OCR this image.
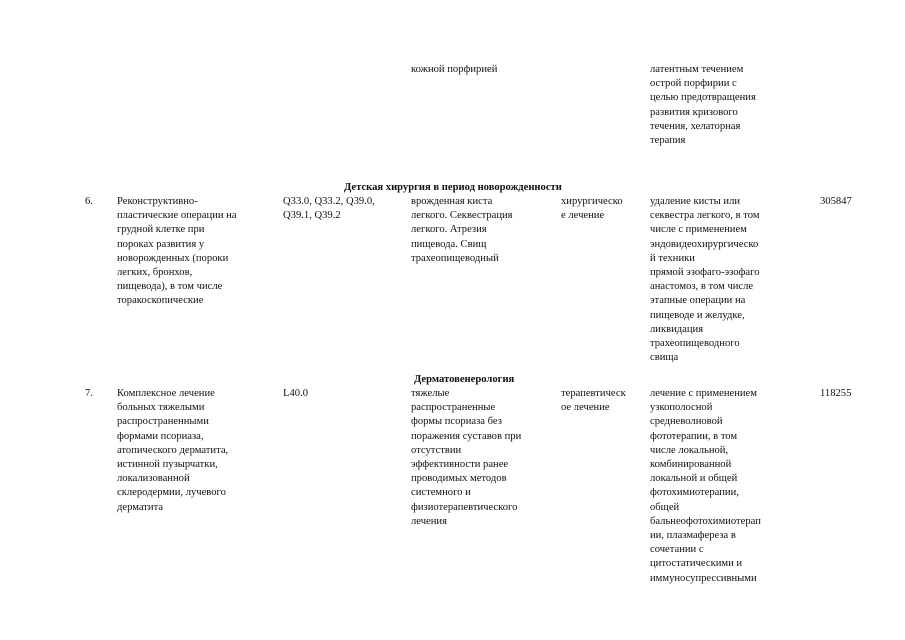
кожной порфирией	латентным течением
острой порфирии с
целью предотвращения
развития кризового
течения, хелаторная
терапия
Детская хирургия в период новорожденности
6. Реконструктивно-
пластические операции на
грудной клетке при
пороках развития у
новорожденных (пороки
легких, бронхов,
пищевода), в том числе
торакоскопические
Q33.0, Q33.2, Q39.0,
Q39.1, Q39.2
врожденная киста
легкого. Секвестрация
легкого. Атрезия
пищевода. Свищ
трахеопищеводный
хирургическо
е лечение
удаление кисты или
секвестра легкого, в том
числе с применением
эндовидеохирургическо
й техники
прямой эзофаго-эзофаго
анастомоз, в том числе
этапные операции на
пищеводе и желудке,
ликвидация
трахеопищеводного
свища
305847
Дерматовенерология
7. Комплексное лечение
больных тяжелыми
распространенными
формами псориаза,
атопического дерматита,
истинной пузырчатки,
локализованной
склеродермии, лучевого
дерматита
L40.0	тяжелые
распространенные
формы псориаза без
поражения суставов при
отсутствии
эффективности ранее
проводимых методов
системного и
физиотерапевтического
лечения
терапевтическ
ое лечение
лечение с применением
узкополосной
средневолновой
фототерапии, в том
числе локальной,
комбинированной
локальной и общей
фотохимиотерапии,
общей
бальнеофотохимиотерап
ии, плазмафереза в
сочетании с
цитостатическими и
иммуносупрессивными
118255
